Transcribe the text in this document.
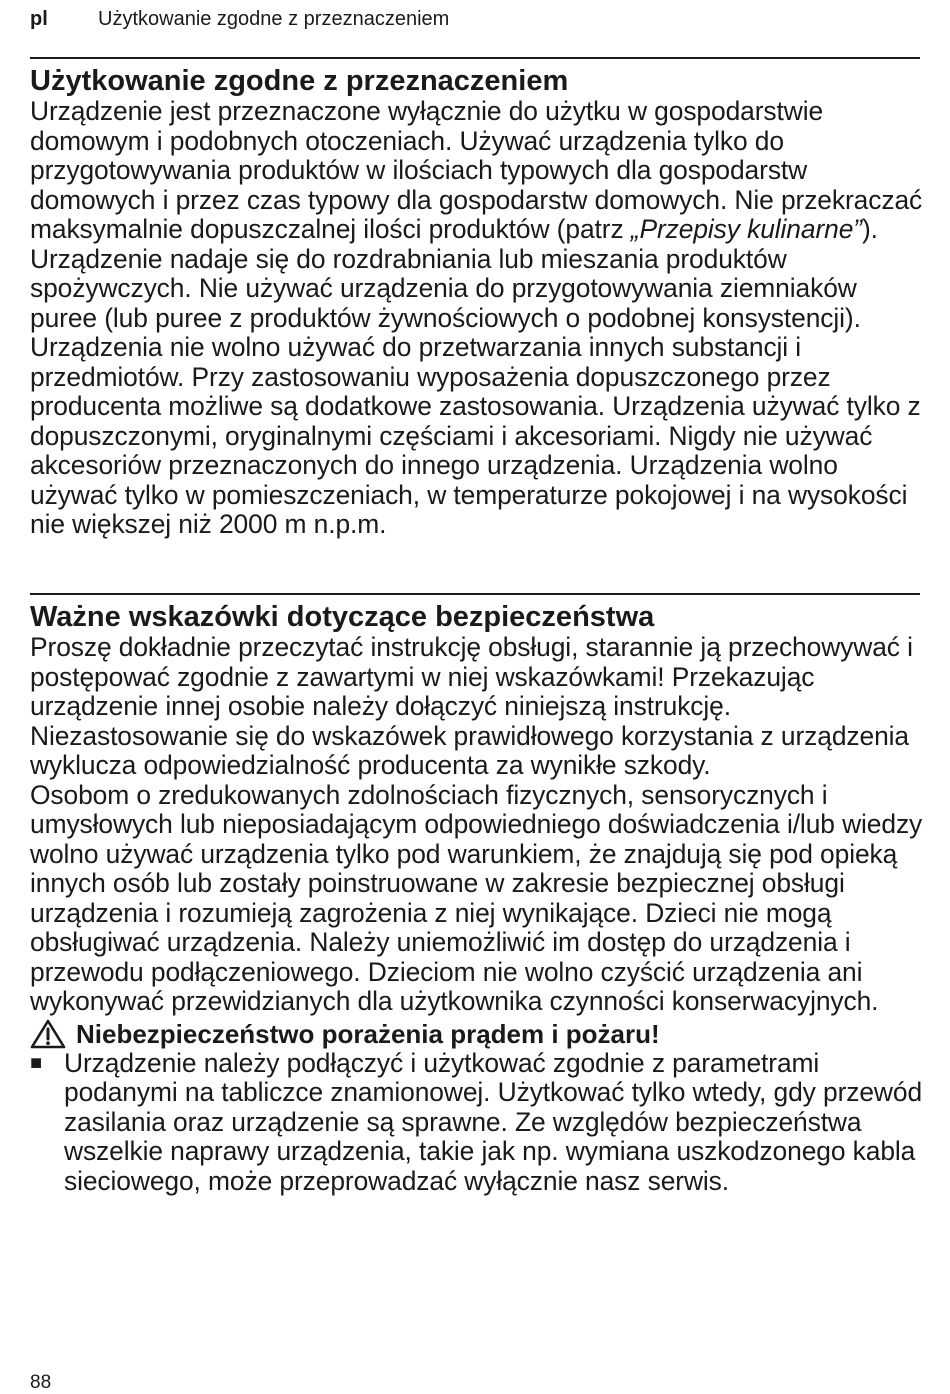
pl	Użytkowanie zgodne z przeznaczeniem
Użytkowanie zgodne z przeznaczeniem

Urządzenie jest przeznaczone wyłącznie do użytku w gospodarstwie domowym i podobnych otoczeniach. Używać urządzenia tylko do przygotowywania produktów w ilościach typowych dla gospodarstw domowych i przez czas typowy dla gospodarstw domowych. Nie przekraczać maksymalnie dopuszczalnej ilości produktów (patrz „Przepisy kulinarne”). Urządzenie nadaje się do rozdrabniania lub mieszania produktów spożywczych. Nie używać urządzenia do przygotowywania ziemniaków puree (lub puree z produktów żywnościowych o podobnej konsystencji). Urządzenia nie wolno używać do przetwarzania innych substancji i przedmiotów. Przy zastosowaniu wyposażenia dopuszczonego przez producenta możliwe są dodatkowe zastosowania. Urządzenia używać tylko z dopuszczonymi, oryginalnymi częściami i akcesoriami. Nigdy nie używać akcesoriów przeznaczonych do innego urządzenia. Urządzenia wolno używać tylko w pomieszczeniach, w temperaturze pokojowej i na wysokości nie większej niż 2000 m n.p.m.

Ważne wskazówki dotyczące bezpieczeństwa

Proszę dokładnie przeczytać instrukcję obsługi, starannie ją przechowywać i postępować zgodnie z zawartymi w niej wskazówkami! Przekazując urządzenie innej osobie należy dołączyć niniejszą instrukcję. Niezastosowanie się do wskazówek prawidłowego korzystania z urządzenia wyklucza odpowiedzialność producenta za wynikłe szkody.

Osobom o zredukowanych zdolnościach fizycznych, sensorycznych i umysłowych lub nieposiadającym odpowiedniego doświadczenia i/lub wiedzy wolno używać urządzenia tylko pod warunkiem, że znajdują się pod opieką innych osób lub zostały poinstruowane w zakresie bezpiecznej obsługi urządzenia i rozumieją zagrożenia z niej wynikające. Dzieci nie mogą obsługiwać urządzenia. Należy uniemożliwić im dostęp do urządzenia i przewodu podłączeniowego. Dzieciom nie wolno czyścić urządzenia ani wykonywać przewidzianych dla użytkownika czynności konserwacyjnych.

Niebezpieczeństwo porażenia prądem i pożaru!
■ Urządzenie należy podłączyć i użytkować zgodnie z parametrami podanymi na tabliczce znamionowej. Użytkować tylko wtedy, gdy przewód zasilania oraz urządzenie są sprawne. Ze względów bezpieczeństwa wszelkie naprawy urządzenia, takie jak np. wymiana uszkodzonego kabla sieciowego, może przeprowadzać wyłącznie nasz serwis.

88
